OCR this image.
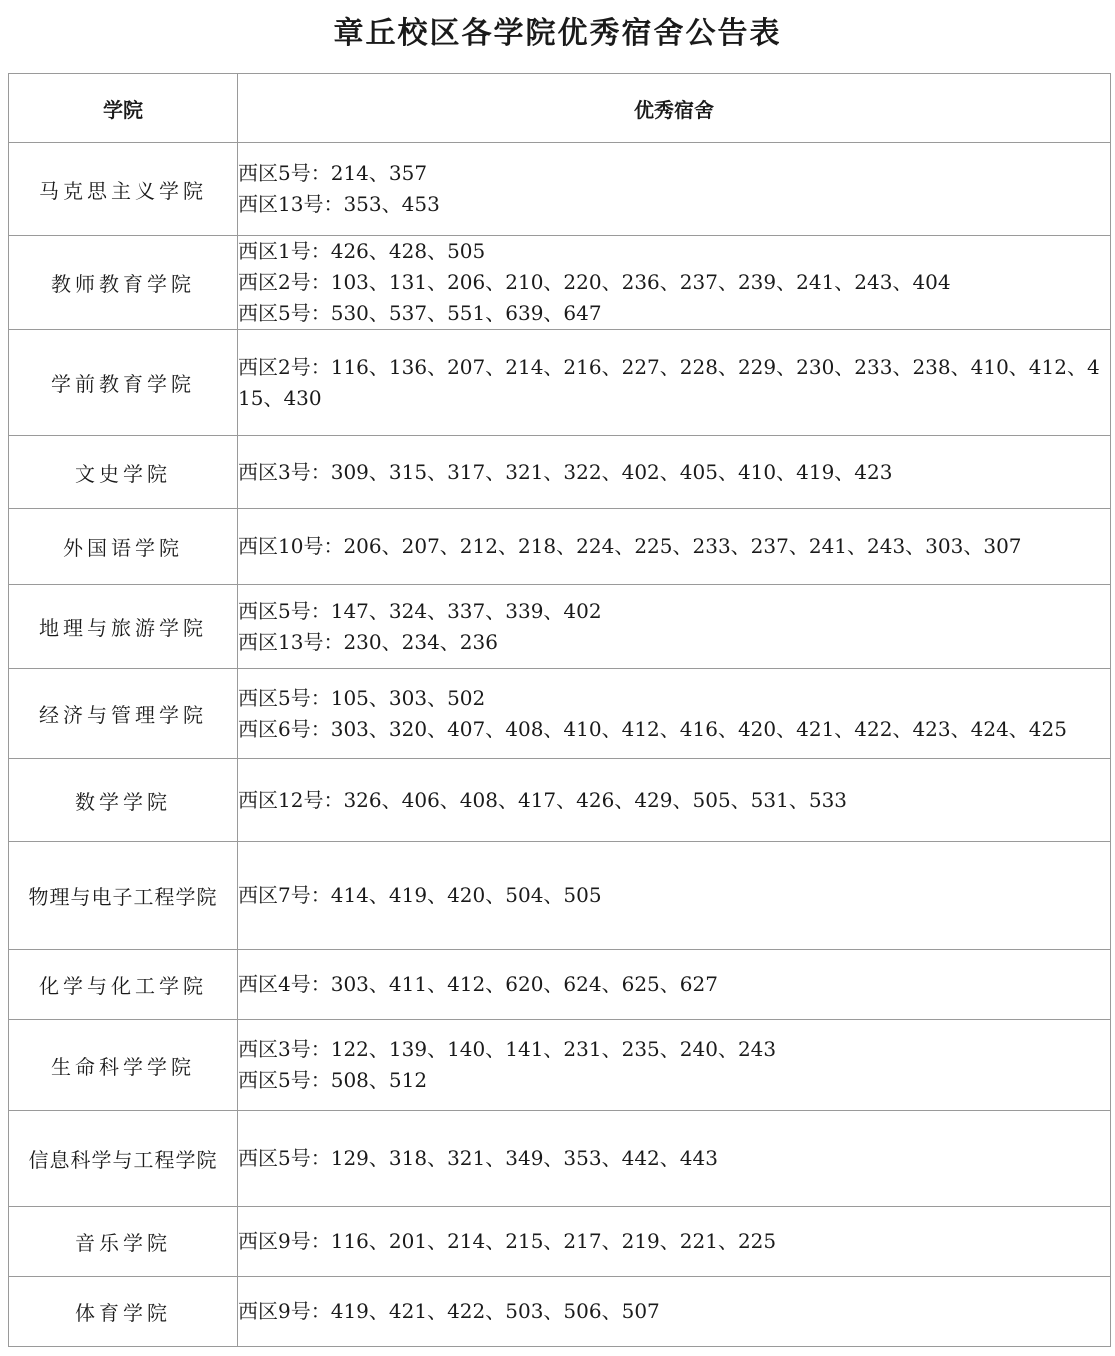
章丘校区各学院优秀宿舍公告表
学院	优秀宿舍
马克思主义学院	西区5号：214、357
西区13号：353、453

教师教育学院	西区1号：426、428、505
西区2号：103、131、206、210、220、236、237、239、241、243、404
西区5号：530、537、551、639、647

学前教育学院	西区2号：116、136、207、214、216、227、228、229、230、233、238、410、412、415、430

文史学院	西区3号：309、315、317、321、322、402、405、410、419、423

外国语学院	西区10号：206、207、212、218、224、225、233、237、241、243、303、307

地理与旅游学院	西区5号：147、324、337、339、402
西区13号：230、234、236

经济与管理学院	西区5号：105、303、502
西区6号：303、320、407、408、410、412、416、420、421、422、423、424、425

数学学院	西区12号：326、406、408、417、426、429、505、531、533

物理与电子工程学院	西区7号：414、419、420、504、505

化学与化工学院	西区4号：303、411、412、620、624、625、627

生命科学学院	西区3号：122、139、140、141、231、235、240、243
西区5号：508、512

信息科学与工程学院	西区5号：129、318、321、349、353、442、443

音乐学院	西区9号：116、201、214、215、217、219、221、225

体育学院	西区9号：419、421、422、503、506、507
